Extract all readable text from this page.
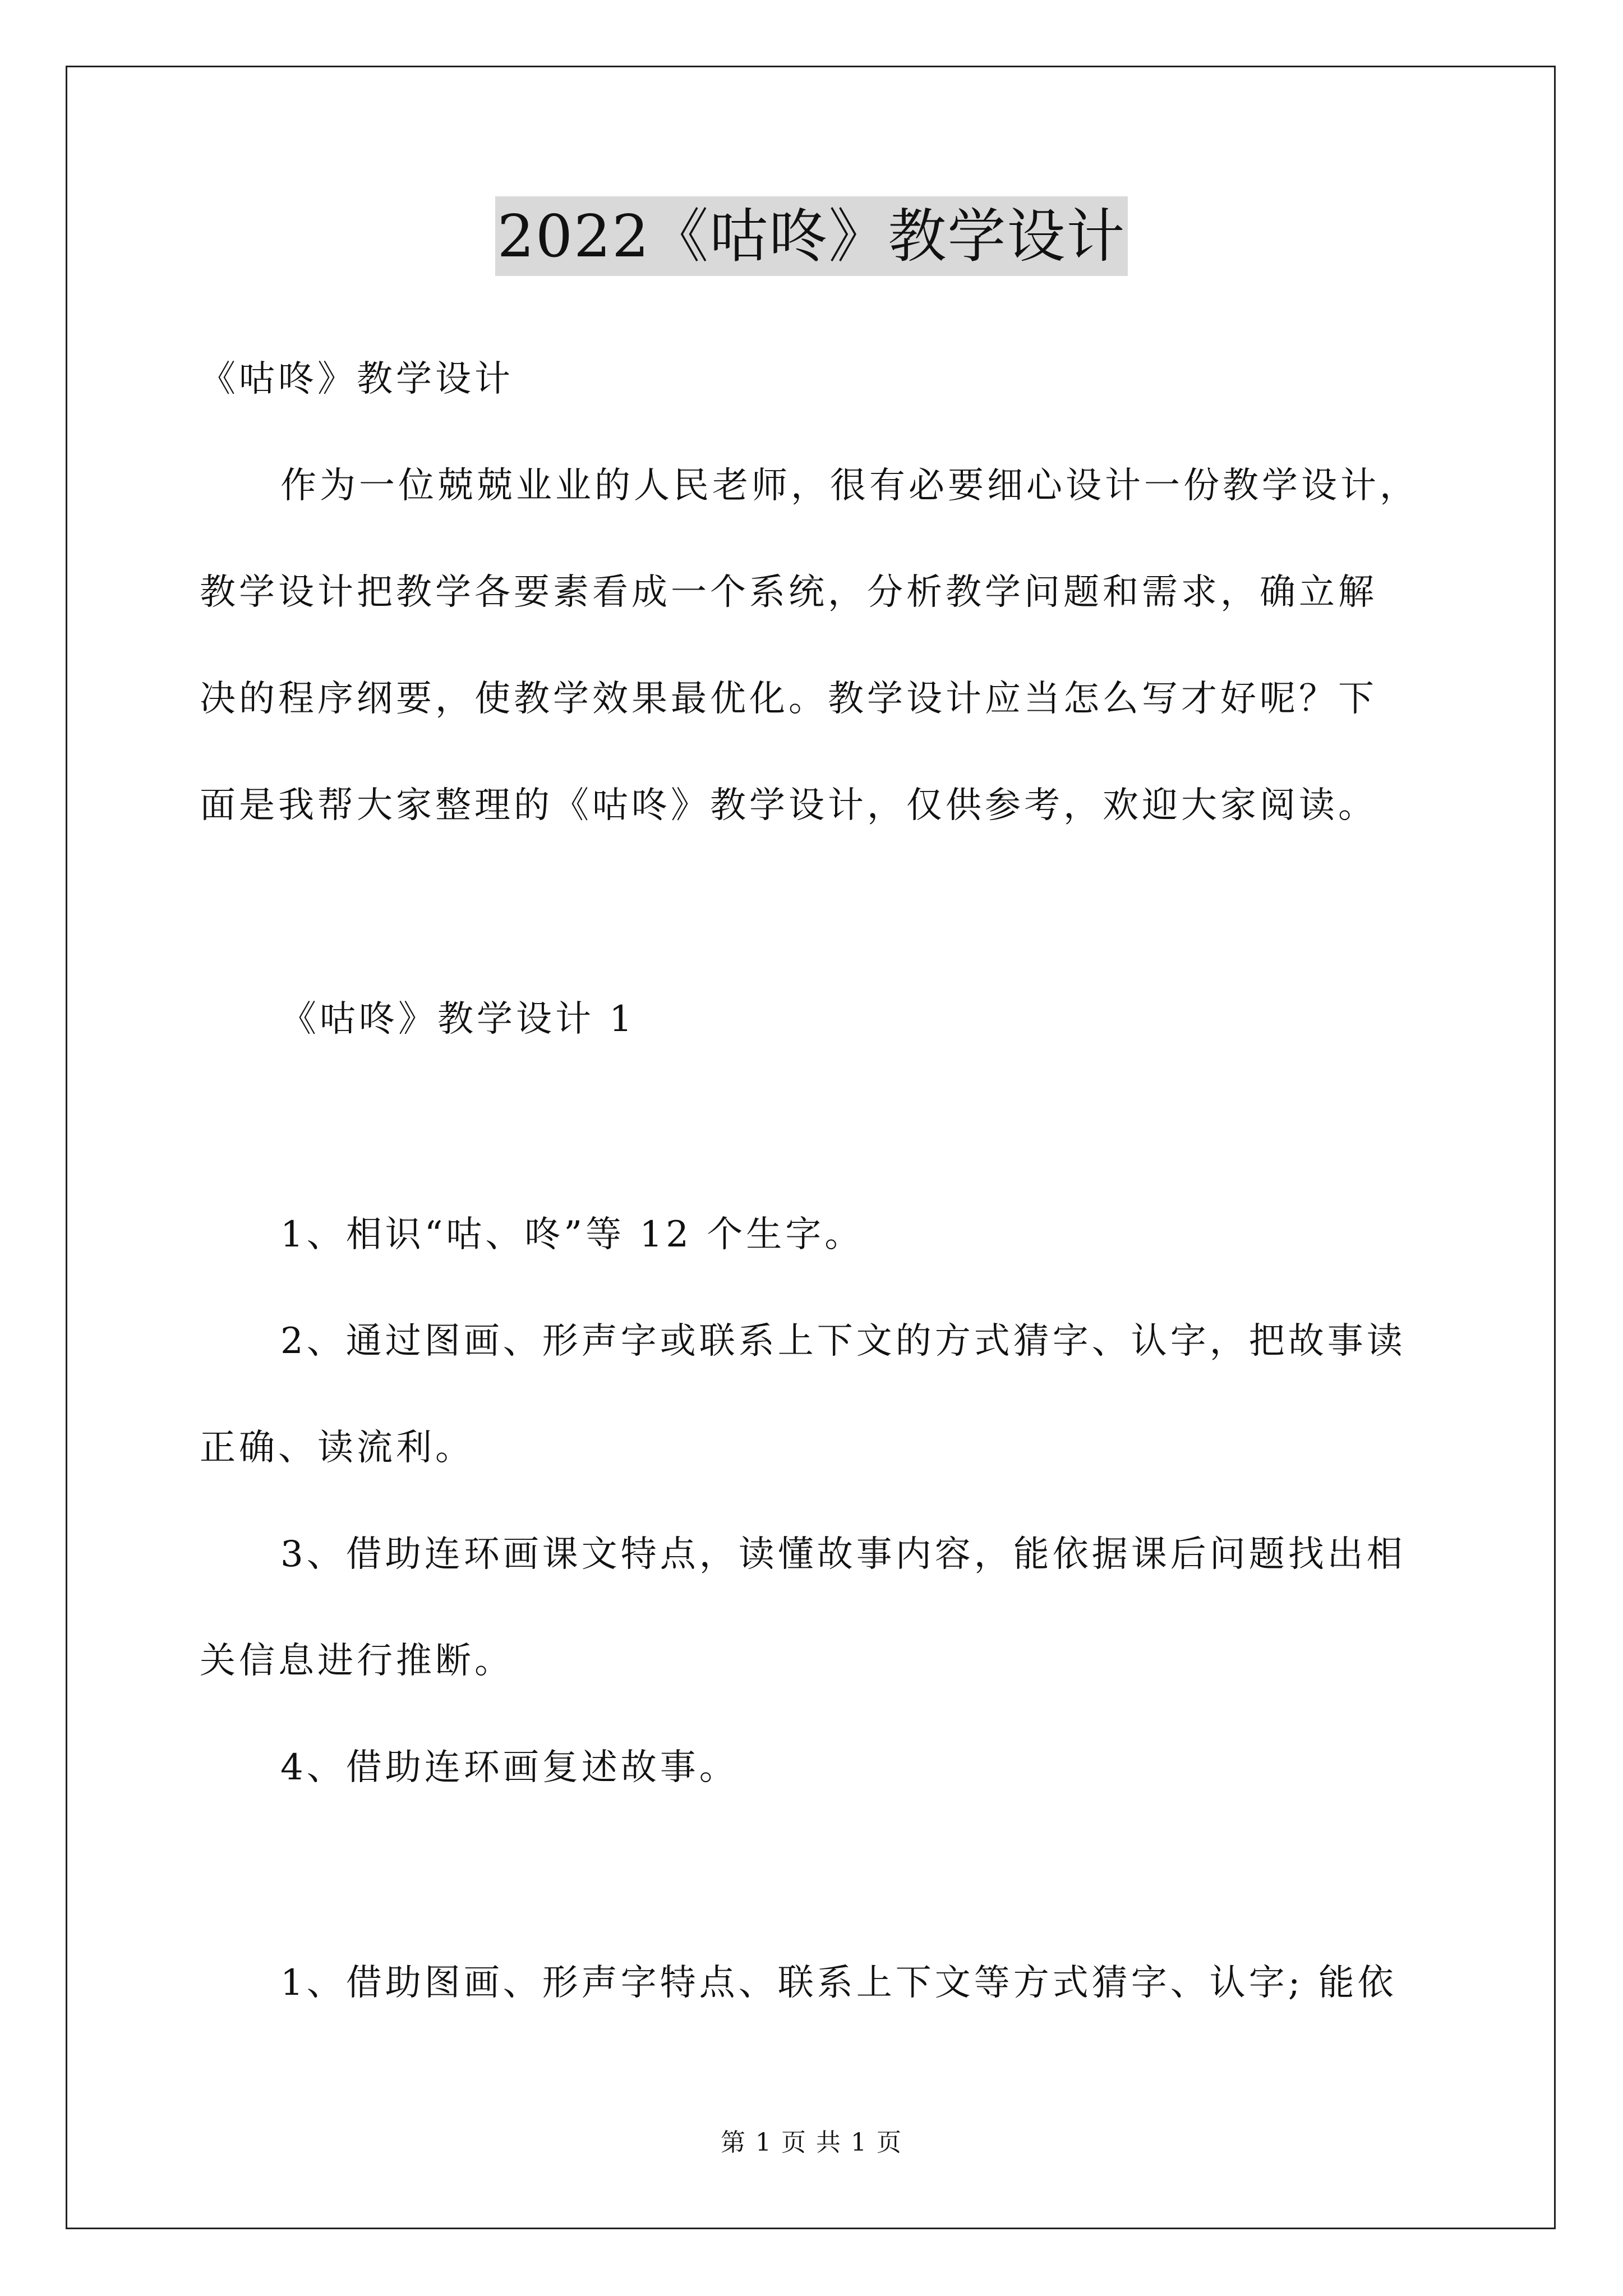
2022《咕咚》教学设计

《咕咚》教学设计

作为一位兢兢业业的人民老师，很有必要细心设计一份教学设计，

教学设计把教学各要素看成一个系统，分析教学问题和需求，确立解

决的程序纲要，使教学效果最优化。教学设计应当怎么写才好呢？下

面是我帮大家整理的《咕咚》教学设计，仅供参考，欢迎大家阅读。

《咕咚》教学设计 1

1、相识“咕、咚”等 12 个生字。

2、通过图画、形声字或联系上下文的方式猜字、认字，把故事读

正确、读流利。

3、借助连环画课文特点，读懂故事内容，能依据课后问题找出相

关信息进行推断。

4、借助连环画复述故事。

1、借助图画、形声字特点、联系上下文等方式猜字、认字; 能依

第 1 页 共 1 页
